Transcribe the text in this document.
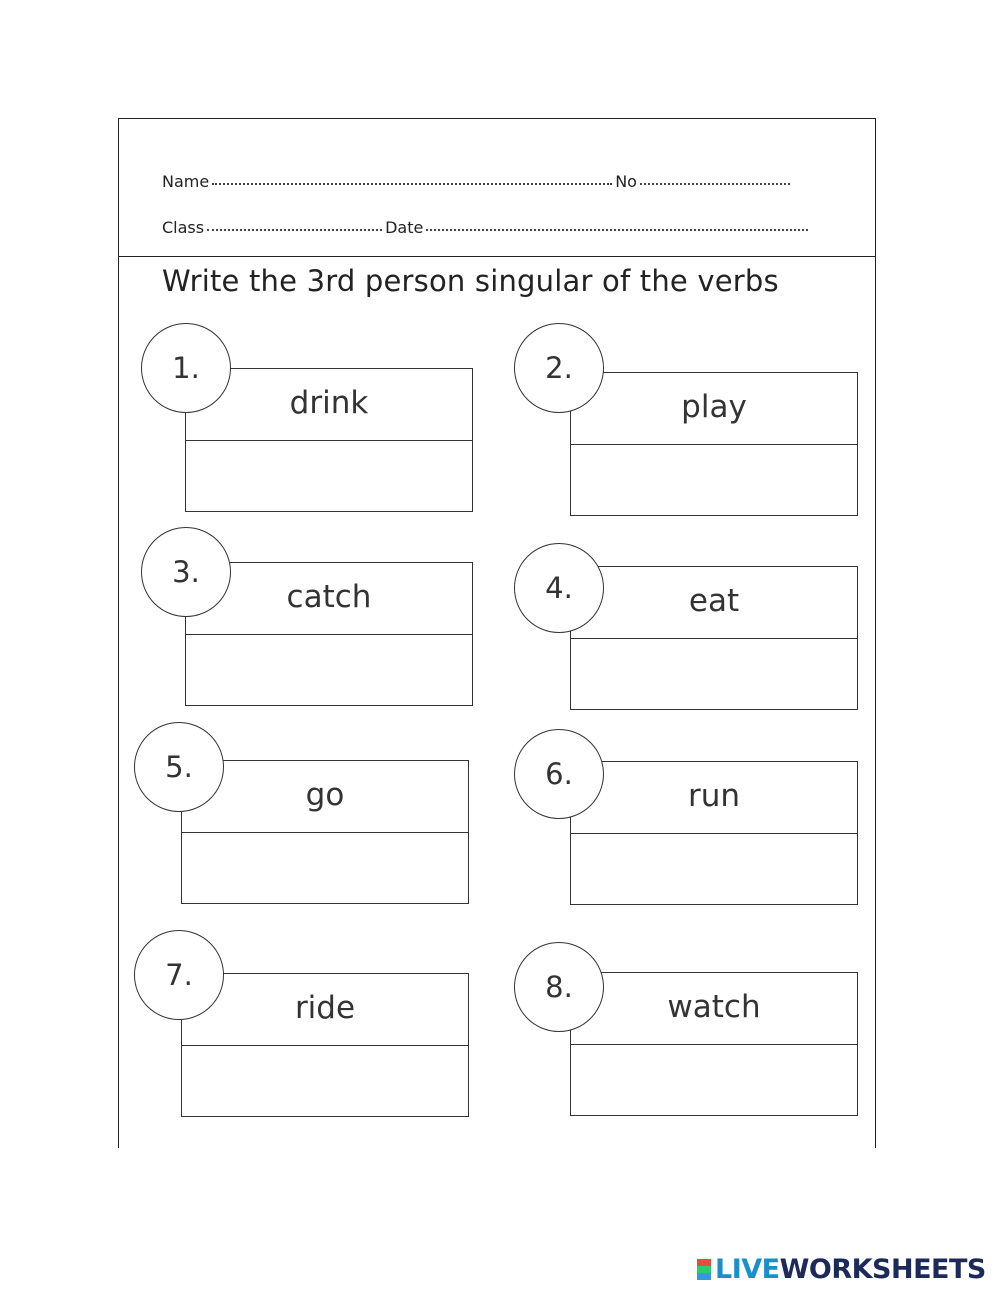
Name	No
Class	Date
Write the 3rd person singular of the verbs
drink
1.
play
2.
catch
3.
eat
4.
go
5.
run
6.
ride
7.
watch
8.
LIVE WORKSHEETS
